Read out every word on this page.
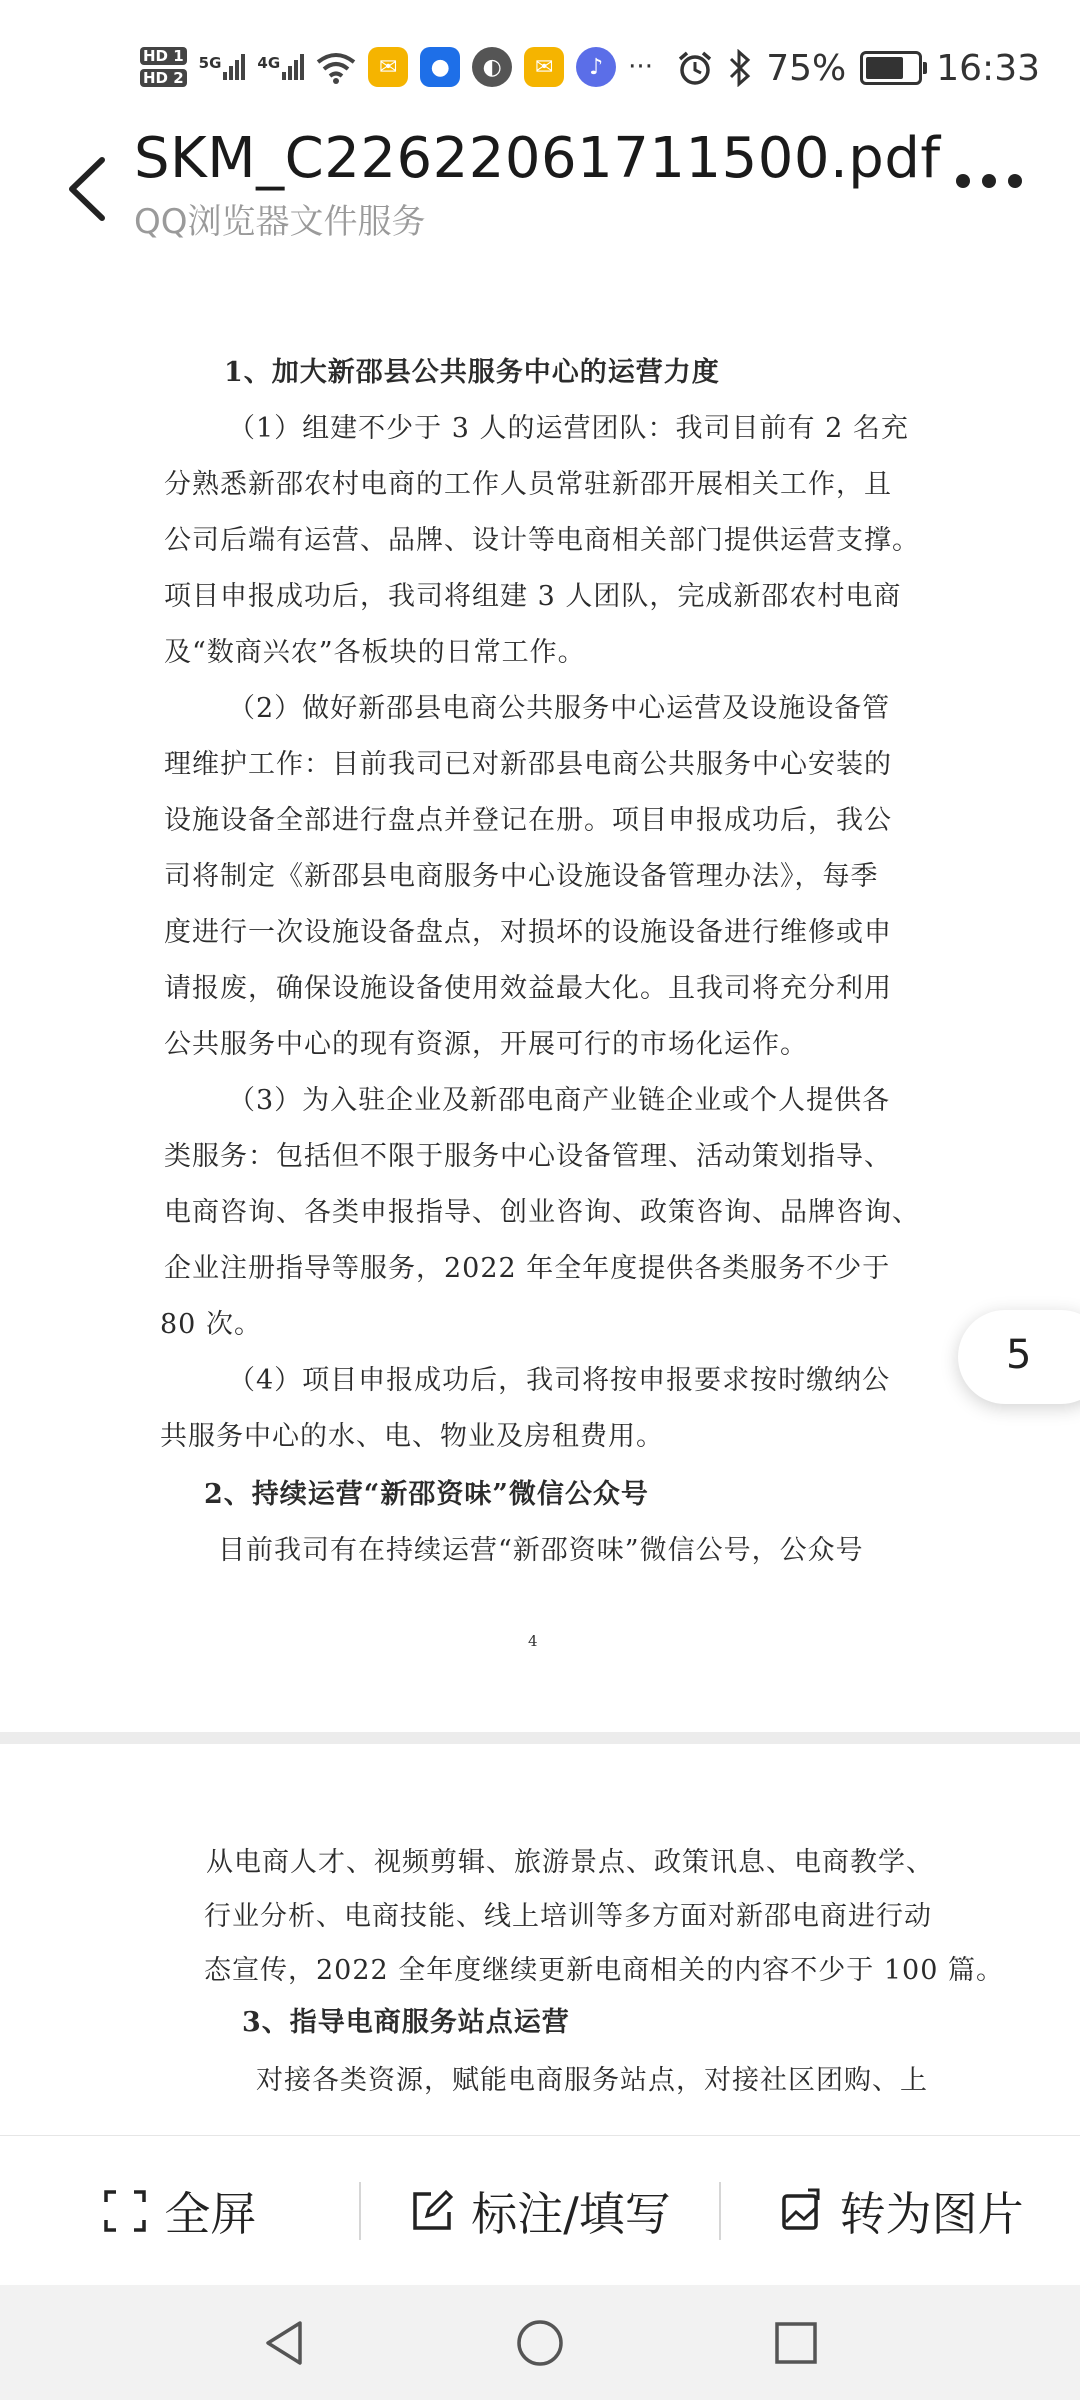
HD 1
HD 2
5G 4G	✉	●	◐	✉	♪ ···	75%	16:33
SKM_C22622061711500.pdf
QQ浏览器文件服务
1、加大新邵县公共服务中心的运营力度
（1）组建不少于 3 人的运营团队：我司目前有 2 名充
分熟悉新邵农村电商的工作人员常驻新邵开展相关工作，且
公司后端有运营、品牌、设计等电商相关部门提供运营支撑。
项目申报成功后，我司将组建 3 人团队，完成新邵农村电商
及“数商兴农”各板块的日常工作。
（2）做好新邵县电商公共服务中心运营及设施设备管
理维护工作：目前我司已对新邵县电商公共服务中心安装的
设施设备全部进行盘点并登记在册。项目申报成功后，我公
司将制定《新邵县电商服务中心设施设备管理办法》，每季
度进行一次设施设备盘点，对损坏的设施设备进行维修或申
请报废，确保设施设备使用效益最大化。且我司将充分利用
公共服务中心的现有资源，开展可行的市场化运作。
（3）为入驻企业及新邵电商产业链企业或个人提供各
类服务：包括但不限于服务中心设备管理、活动策划指导、
电商咨询、各类申报指导、创业咨询、政策咨询、品牌咨询、
企业注册指导等服务，2022 年全年度提供各类服务不少于
80 次。
（4）项目申报成功后，我司将按申报要求按时缴纳公
共服务中心的水、电、物业及房租费用。
2、持续运营“新邵资味”微信公众号
目前我司有在持续运营“新邵资味”微信公号，公众号
4
从电商人才、视频剪辑、旅游景点、政策讯息、电商教学、
行业分析、电商技能、线上培训等多方面对新邵电商进行动
态宣传，2022 全年度继续更新电商相关的内容不少于 100 篇。
3、指导电商服务站点运营
对接各类资源，赋能电商服务站点，对接社区团购、上
5
全屏	标注/填写	转为图片
